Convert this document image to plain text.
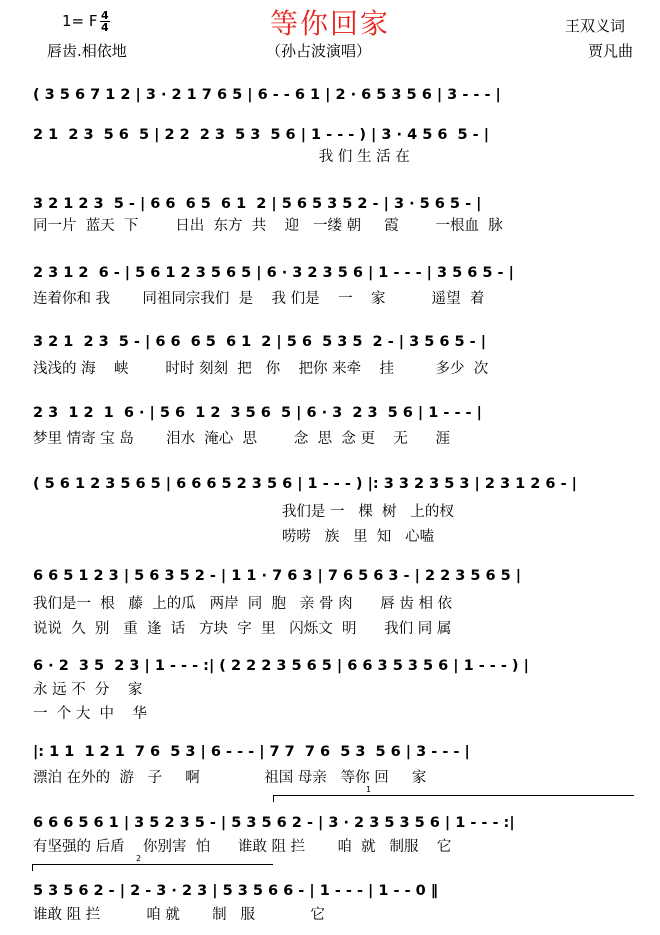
1= F $\frac{4}{4}$	等你回家
唇齿.相依地	（孙占波演唱）
王双义词
贾凡曲
( 3 5 6 7 1 2 | 3 · 2 1 7 6 5 | 6 - - 6 1 | 2 · 6 5 3 5 6 | 3 - - - |
2 1  2 3  5 6  5 | 2 2  2 3  5 3  5 6 | 1 - - - ) | 3 · 4 5 6  5 - |
我 们 生 活 在
3 2 1 2 3  5 - | 6 6  6 5  6 1  2 | 5 6 5 3 5 2 - | 3 · 5 6 5 - |
同一片  蓝天  下        日出  东方  共    迎   一缕 朝     霞        一根血  脉
2 3 1 2  6 - | 5 6 1 2 3 5 6 5 | 6 · 3 2 3 5 6 | 1 - - - | 3 5 6 5 - |
连着你和 我       同祖同宗我们  是    我 们是    一    家          遥望  着
3 2 1  2 3  5 - | 6 6  6 5  6 1  2 | 5 6  5 3 5  2 - | 3 5 6 5 - |
浅浅的 海    峡        时时 刻刻  把   你    把你 来牵    挂         多少  次
2 3  1 2  1  6 · | 5 6  1 2  3 5 6  5 | 6 · 3  2 3  5 6 | 1 - - - |
梦里 情寄 宝 岛       泪水  淹心  思        念  思  念 更    无      涯
( 5 6 1 2 3 5 6 5 | 6 6 6 5 2 3 5 6 | 1 - - - ) |: 3 3 2 3 5 3 | 2 3 1 2 6 - |
我们是 一   棵  树   上的杈
唠唠   族   里  知   心嗑
6 6 5 1 2 3 | 5 6 3 5 2 - | 1 1 · 7 6 3 | 7 6 5 6 3 - | 2 2 3 5 6 5 |
我们是一  根   藤  上的瓜   两岸  同  胞   亲 骨 肉      唇 齿 相 依
说说  久  别   重  逢  话   方块  字  里   闪烁文  明      我们 同 属
6 · 2  3 5  2 3 | 1 - - - :| ( 2 2 2 3 5 6 5 | 6 6 3 5 3 5 6 | 1 - - - ) |
永 远 不  分    家
一  个 大  中    华
|: 1 1  1 2 1  7 6  5 3 | 6 - - - | 7 7  7 6  5 3  5 6 | 3 - - - |
漂泊 在外的  游   子     啊              祖国 母亲   等你 回     家
6 6 6 5 6 1 | 3 5 2 3 5 - | 5 3 5 6 2 - | 3 · 2 3 5 3 5 6 | 1 - - - :|
有坚强的 后盾    你别害  怕      谁敢 阻 拦       咱  就   制服    它
5 3 5 6 2 - | 2 - 3 · 2 3 | 5 3 5 6 6 - | 1 - - - | 1 - - 0 ‖
谁敢 阻 拦          咱 就       制   服            它
1
2
